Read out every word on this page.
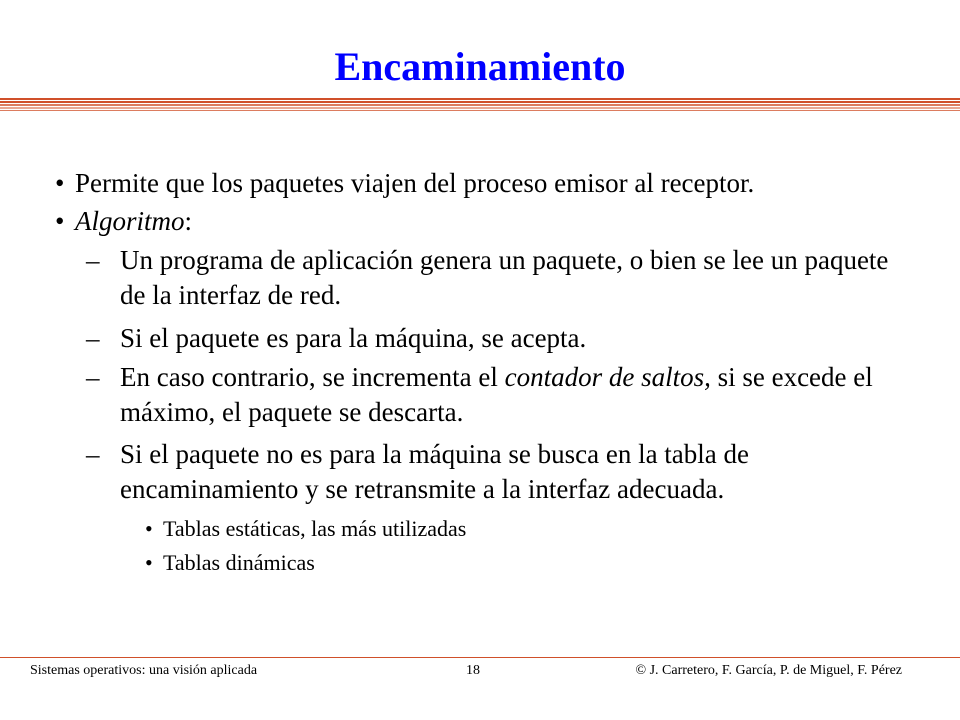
Encaminamiento
• Permite que los paquetes viajen del proceso emisor al receptor.
• Algoritmo:
– Un programa de aplicación genera un paquete, o bien se lee un paquete de la interfaz de red.
– Si el paquete es para la máquina, se acepta.
– En caso contrario, se incrementa el contador de saltos, si se excede el máximo, el paquete se descarta.
– Si el paquete no es para la máquina se busca en la tabla de encaminamiento y se retransmite a la interfaz adecuada.
• Tablas estáticas, las más utilizadas
• Tablas dinámicas
Sistemas operativos: una visión aplicada	18	© J. Carretero, F. García, P. de Miguel, F. Pérez
